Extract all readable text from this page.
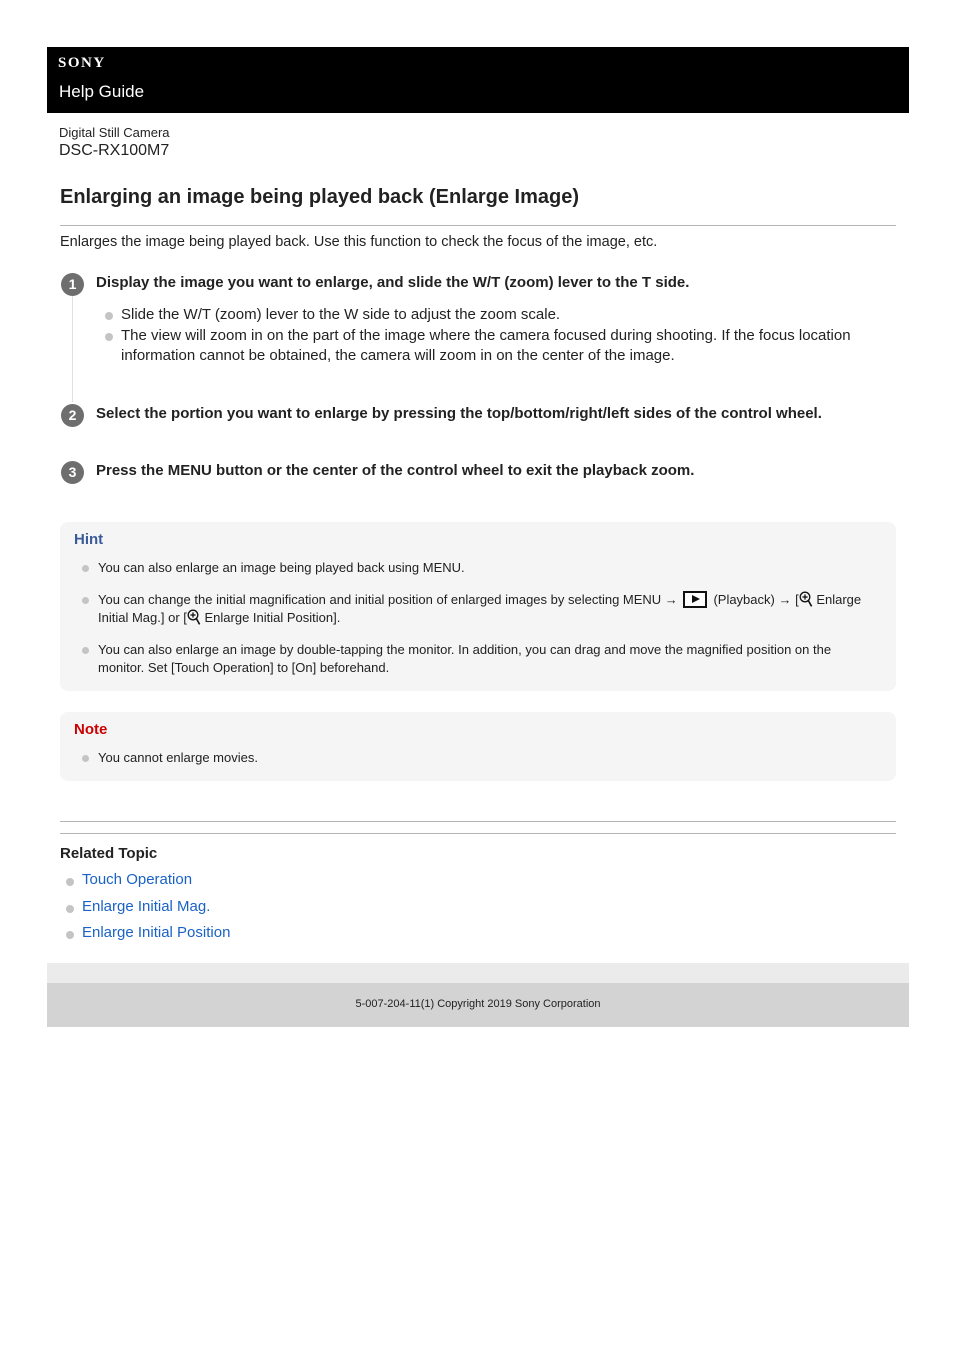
SONY
Help Guide
Digital Still Camera
DSC-RX100M7
Enlarging an image being played back (Enlarge Image)
Enlarges the image being played back. Use this function to check the focus of the image, etc.
1	Display the image you want to enlarge, and slide the W/T (zoom) lever to the T side.
Slide the W/T (zoom) lever to the W side to adjust the zoom scale.
The view will zoom in on the part of the image where the camera focused during shooting. If the focus location information cannot be obtained, the camera will zoom in on the center of the image.
2	Select the portion you want to enlarge by pressing the top/bottom/right/left sides of the control wheel.
3	Press the MENU button or the center of the control wheel to exit the playback zoom.
Hint
You can also enlarge an image being played back using MENU.
You can change the initial magnification and initial position of enlarged images by selecting MENU →	(Playback) → [ Enlarge Initial Mag.] or [ Enlarge Initial Position].
You can also enlarge an image by double-tapping the monitor. In addition, you can drag and move the magnified position on the monitor. Set [Touch Operation] to [On] beforehand.
Note
You cannot enlarge movies.
Related Topic
Touch Operation
Enlarge Initial Mag.
Enlarge Initial Position
5-007-204-11(1) Copyright 2019 Sony Corporation
